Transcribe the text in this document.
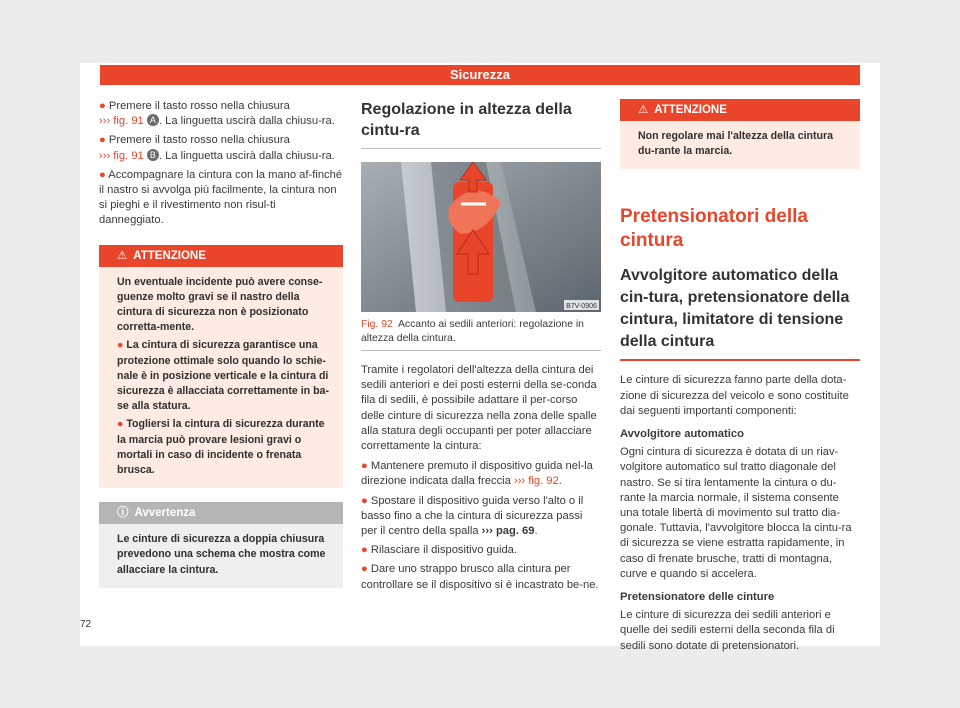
Sicurezza

● Premere il tasto rosso nella chiusura
››› fig. 91 A . La linguetta uscirà dalla chiusu-ra.

● Premere il tasto rosso nella chiusura
››› fig. 91 B . La linguetta uscirà dalla chiusu-ra.

● Accompagnare la cintura con la mano af-finché il nastro si avvolga più facilmente, la cintura non si pieghi e il rivestimento non risul-ti danneggiato.

⚠ ATTENZIONE

Un eventuale incidente può avere conse-guenze molto gravi se il nastro della cintura di sicurezza non è posizionato corretta-mente.

● La cintura di sicurezza garantisce una protezione ottimale solo quando lo schie-nale è in posizione verticale e la cintura di sicurezza è allacciata correttamente in ba-se alla statura.

● Togliersi la cintura di sicurezza durante la marcia può provare lesioni gravi o mortali in caso di incidente o frenata brusca.

ⓘ Avvertenza
Le cinture di sicurezza a doppia chiusura prevedono una schema che mostra come allacciare la cintura.
Regolazione in altezza della cintu-ra
B7V-0906
Fig. 92 Accanto ai sedili anteriori: regolazione in altezza della cintura.

Tramite i regolatori dell'altezza della cintura dei sedili anteriori e dei posti esterni della se-conda fila di sedili, è possibile adattare il per-corso delle cinture di sicurezza nella zona delle spalle alla statura degli occupanti per poter allacciare correttamente la cintura:

● Mantenere premuto il dispositivo guida nel-la direzione indicata dalla freccia ››› fig. 92.

● Spostare il dispositivo guida verso l'alto o il basso fino a che la cintura di sicurezza passi per il centro della spalla ››› pag. 69.

● Rilasciare il dispositivo guida.

● Dare uno strappo brusco alla cintura per controllare se il dispositivo si è incastrato be-ne.

⚠ ATTENZIONE
Non regolare mai l'altezza della cintura du-rante la marcia.
Pretensionatori della cintura
Avvolgitore automatico della cin-tura, pretensionatore della cintura, limitatore di tensione della cintura

Le cinture di sicurezza fanno parte della dota-zione di sicurezza del veicolo e sono costituite dai seguenti importanti componenti:

Avvolgitore automatico

Ogni cintura di sicurezza è dotata di un riav-volgitore automatico sul tratto diagonale del nastro. Se si tira lentamente la cintura o du-rante la marcia normale, il sistema consente una totale libertà di movimento sul tratto dia-gonale. Tuttavia, l'avvolgitore blocca la cintu-ra di sicurezza se viene estratta rapidamente, in caso di frenate brusche, tratti di montagna, curve e quando si accelera.

Pretensionatore delle cinture

Le cinture di sicurezza dei sedili anteriori e quelle dei sedili esterni della seconda fila di sedili sono dotate di pretensionatori.

72
